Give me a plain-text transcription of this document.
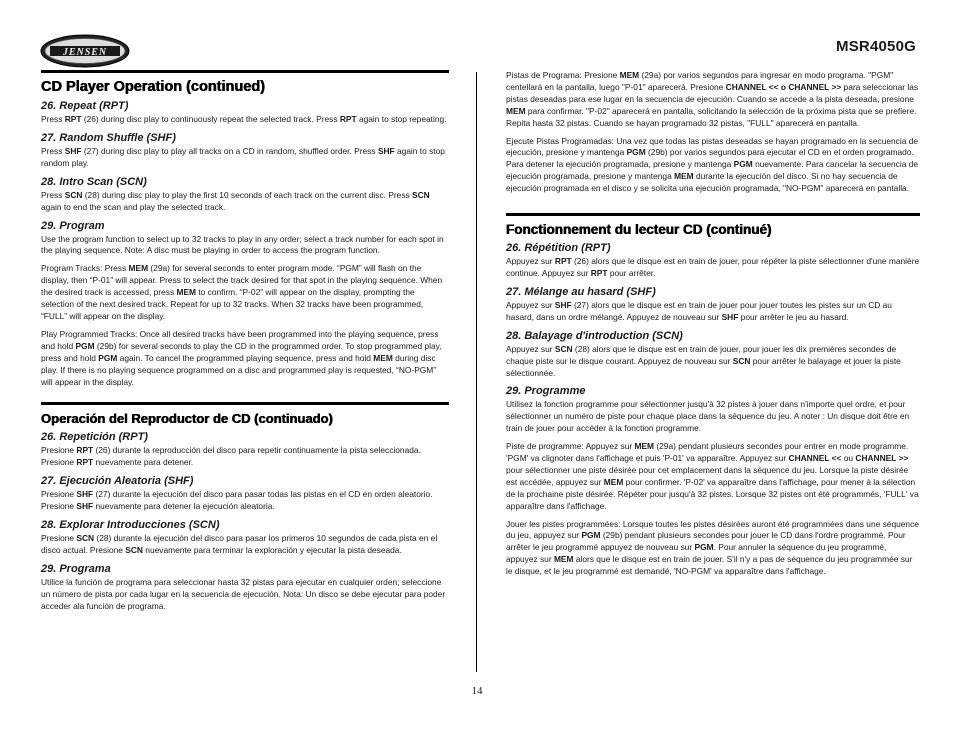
JENSEN	MSR4050G
CD Player Operation (continued)
26. Repeat (RPT)

Press RPT (26) during disc play to continuously repeat the selected track. Press RPT again to stop repeating.

27. Random Shuffle (SHF)

Press SHF (27) during disc play to play all tracks on a CD in random, shuffled order. Press SHF again to stop random play.

28. Intro Scan (SCN)

Press SCN (28) during disc play to play the first 10 seconds of each track on the current disc. Press SCN again to end the scan and play the selected track.

29. Program

Use the program function to select up to 32 tracks to play in any order; select a track number for each spot in the playing sequence. Note: A disc must be playing in order to access the program function.

Program Tracks: Press MEM (29a) for several seconds to enter program mode. “PGM” will flash on the display, then “P-01” will appear. Press to select the track desired for that spot in the playing sequence. When the desired track is accessed, press MEM to confirm. “P-02” will appear on the display, prompting the selection of the next desired track. Repeat for up to 32 tracks. When 32 tracks have been programmed, “FULL” will appear on the display.

Play Programmed Tracks: Once all desired tracks have been programmed into the playing sequence, press and hold PGM (29b) for several seconds to play the CD in the programmed order. To stop programmed play, press and hold PGM again. To cancel the programmed playing sequence, press and hold MEM during disc play. If there is no playing sequence programmed on a disc and programmed play is requested, “NO-PGM” will appear in the display.

Operación del Reproductor de CD (continuado)
26. Repetición (RPT)

Presione RPT (26) durante la reproducción del disco para repetir continuamente la pista seleccionada. Presione RPT nuevamente para detener.

27. Ejecución Aleatoria (SHF)

Presione SHF (27) durante la ejecución del disco para pasar todas las pistas en el CD en orden aleatorio. Presione SHF nuevamente para detener la ejecución aleatoria.

28. Explorar Introducciones (SCN)

Presione SCN (28) durante la ejecución del disco para pasar los primeros 10 segundos de cada pista en el disco actual. Presione SCN nuevamente para terminar la exploración y ejecutar la pista deseada.

29. Programa

Utilice la función de programa para seleccionar hasta 32 pistas para ejecutar en cualquier orden; seleccione un número de pista por cada lugar en la secuencia de ejecución. Nota: Un disco se debe ejecutar para poder acceder ala función de programa.

Pistas de Programa: Presione MEM (29a) por varios segundos para ingresar en modo programa. "PGM" centellará en la pantalla, luego "P-01" aparecerá. Presione CHANNEL << o CHANNEL >> para seleccionar las pistas deseadas para ese lugar en la secuencia de ejecución. Cuando se accede a la pista deseada, presione MEM para confirmar. "P-02" aparecerá en pantalla, solicitando la selección de la próxima pista que se prefiere. Repita hasta 32 pistas. Cuando se hayan programado 32 pistas, "FULL" aparecerá en pantalla.

Ejecute Pistas Programadas: Una vez que todas las pistas deseadas se hayan programado en la secuencia de ejecución, presione y mantenga PGM (29b) por varios segundos para ejecutar el CD en el orden programado. Para detener la ejecución programada, presione y mantenga PGM nuevamente. Para cancelar la secuencia de ejecución programada, presione y mantenga MEM durante la ejecución del disco. Si no hay secuencia de ejecución programada en el disco y se solicita una ejecución programada, "NO-PGM" aparecerá en pantalla.

Fonctionnement du lecteur CD (continué)
26. Répétition (RPT)

Appuyez sur RPT (26) alors que le disque est en train de jouer, pour répéter la piste sélectionner d'une manière continue. Appuyez sur RPT pour arrêter.

27. Mélange au hasard (SHF)

Appuyez sur SHF (27) alors que le disque est en train de jouer pour jouer toutes les pistes sur un CD au hasard, dans un ordre mélangé. Appuyez de nouveau sur SHF pour arrêter le jeu au hasard.

28. Balayage d'introduction (SCN)

Appuyez sur SCN (28) alors que le disque est en train de jouer, pour jouer les dix premières secondes de chaque piste sur le disque courant. Appuyez de nouveau sur SCN pour arrêter le balayage et jouer la piste sélectionnée.

29. Programme

Utilisez la fonction programme pour sélectionner jusqu'à 32 pistes à jouer dans n'importe quel ordre, et pour sélectionner un numéro de piste pour chaque place dans la séquence du jeu. A noter : Un disque doit être en train de jouer pour accéder à la fonction programme.

Piste de programme: Appuyez sur MEM (29a) pendant plusieurs secondes pour entrer en mode programme. 'PGM' va clignoter dans l'affichage et puis 'P-01' va apparaître. Appuyez sur CHANNEL << ou CHANNEL >> pour sélectionner une piste désirée pour cet emplacement dans la séquence du jeu. Lorsque la piste désirée est accédée, appuyez sur MEM pour confirmer. 'P-02' va apparaître dans l'affichage, pour mener à la sélection de la prochaine piste désirée. Répéter pour jusqu'à 32 pistes. Lorsque 32 pistes ont été programmés, 'FULL' va apparaître dans l'affichage.

Jouer les pistes programmées: Lorsque toutes les pistes désirées auront été programmées dans une séquence du jeu, appuyez sur PGM (29b) pendant plusieurs secondes pour jouer le CD dans l'ordre programmé. Pour arrêter le jeu programmé appuyez de nouveau sur PGM. Pour annuler la séquence du jeu programmé, appuyez sur MEM alors que le disque est en train de jouer. S'il n'y a pas de séquence du jeu programmée sur le disque, et le jeu programmé est demandé, 'NO-PGM' va apparaître dans l'affichage.

14
